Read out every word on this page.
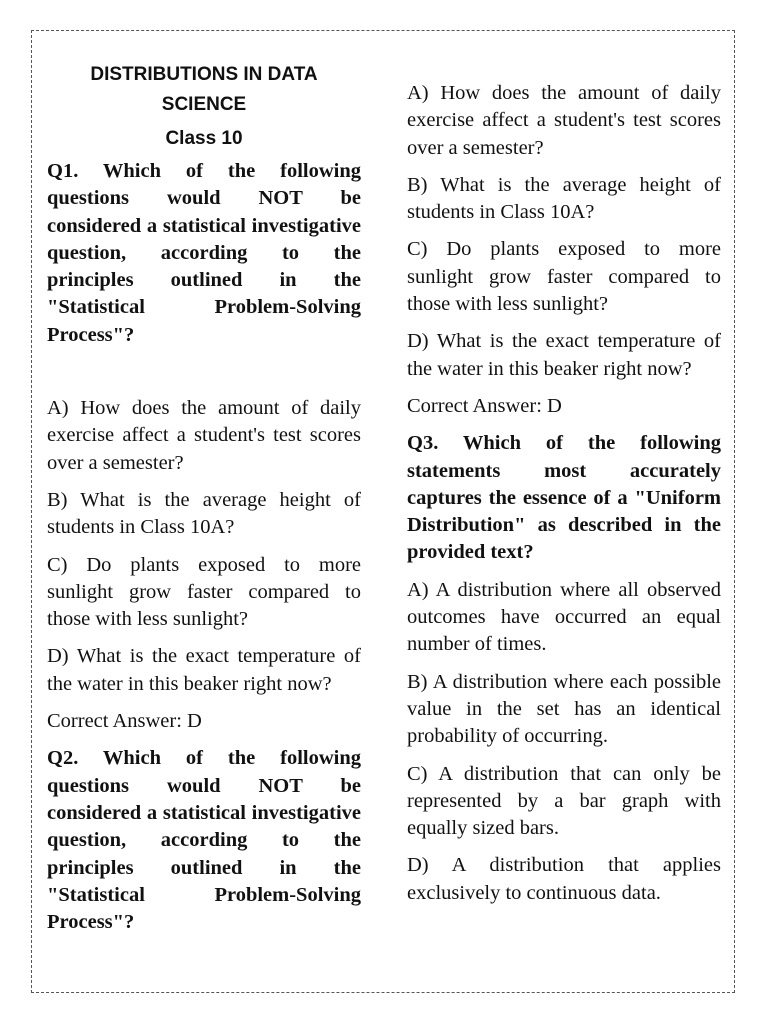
DISTRIBUTIONS IN DATA SCIENCE
Class 10
Q1. Which of the following questions would NOT be considered a statistical investigative question, according to the principles outlined in the "Statistical Problem-Solving Process"?
A) How does the amount of daily exercise affect a student's test scores over a semester?
B) What is the average height of students in Class 10A?
C) Do plants exposed to more sunlight grow faster compared to those with less sunlight?
D) What is the exact temperature of the water in this beaker right now?
Correct Answer: D
Q2. Which of the following questions would NOT be considered a statistical investigative question, according to the principles outlined in the "Statistical Problem-Solving Process"?
A) How does the amount of daily exercise affect a student's test scores over a semester?
B) What is the average height of students in Class 10A?
C) Do plants exposed to more sunlight grow faster compared to those with less sunlight?
D) What is the exact temperature of the water in this beaker right now?
Correct Answer: D
Q3. Which of the following statements most accurately captures the essence of a "Uniform Distribution" as described in the provided text?
A) A distribution where all observed outcomes have occurred an equal number of times.
B) A distribution where each possible value in the set has an identical probability of occurring.
C) A distribution that can only be represented by a bar graph with equally sized bars.
D) A distribution that applies exclusively to continuous data.
